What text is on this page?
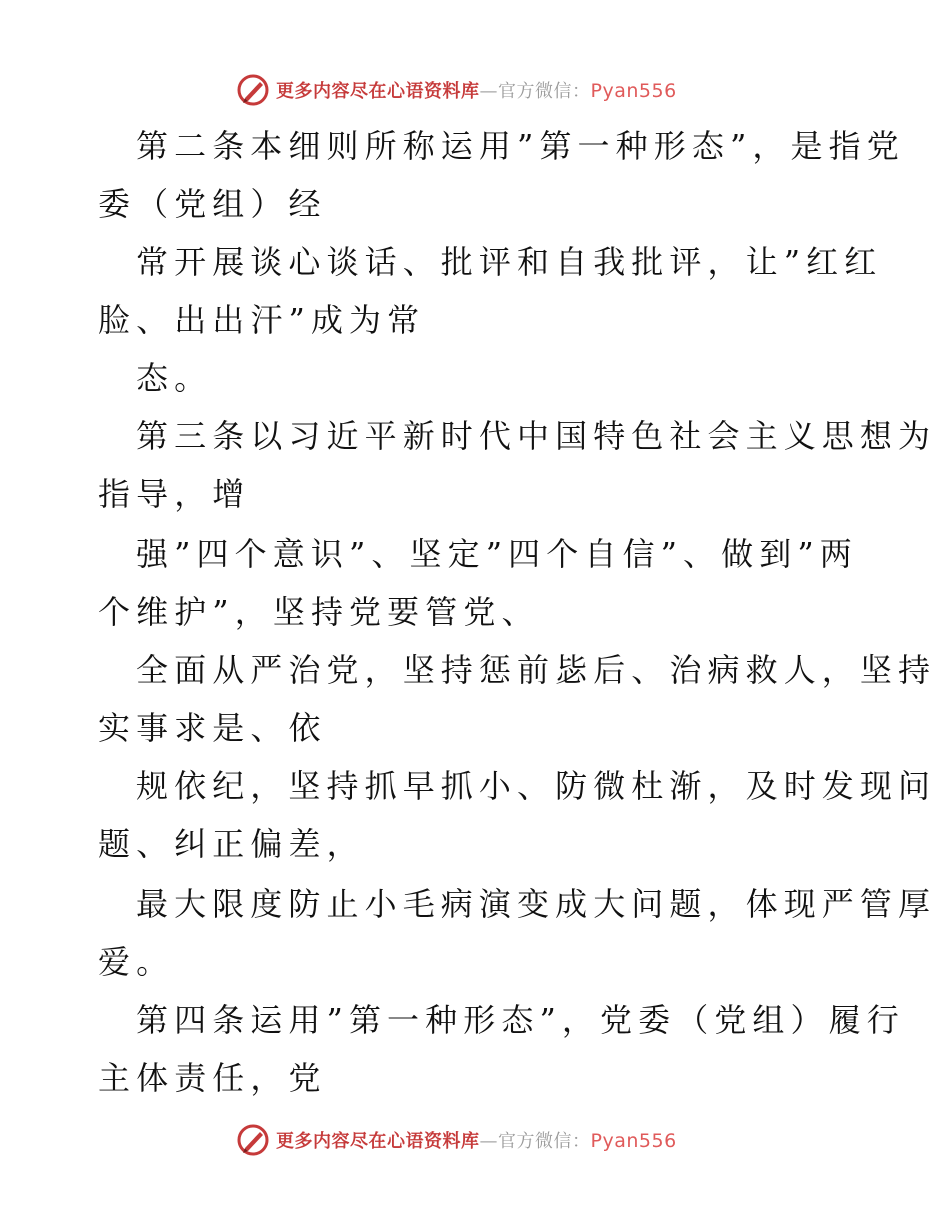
更多内容尽在心语资料库—官方微信：Pyan556
第二条本细则所称运用”第一种形态”，是指党
委（党组）经
常开展谈心谈话、批评和自我批评，让”红红
脸、出出汗”成为常
态。
第三条以习近平新时代中国特色社会主义思想为
指导，增
强”四个意识”、坚定”四个自信”、做到”两
个维护”，坚持党要管党、
全面从严治党，坚持惩前毖后、治病救人，坚持
实事求是、依
规依纪，坚持抓早抓小、防微杜渐，及时发现问
题、纠正偏差，
最大限度防止小毛病演变成大问题，体现严管厚
爱。
第四条运用”第一种形态”，党委（党组）履行
主体责任，党
更多内容尽在心语资料库—官方微信：Pyan556
